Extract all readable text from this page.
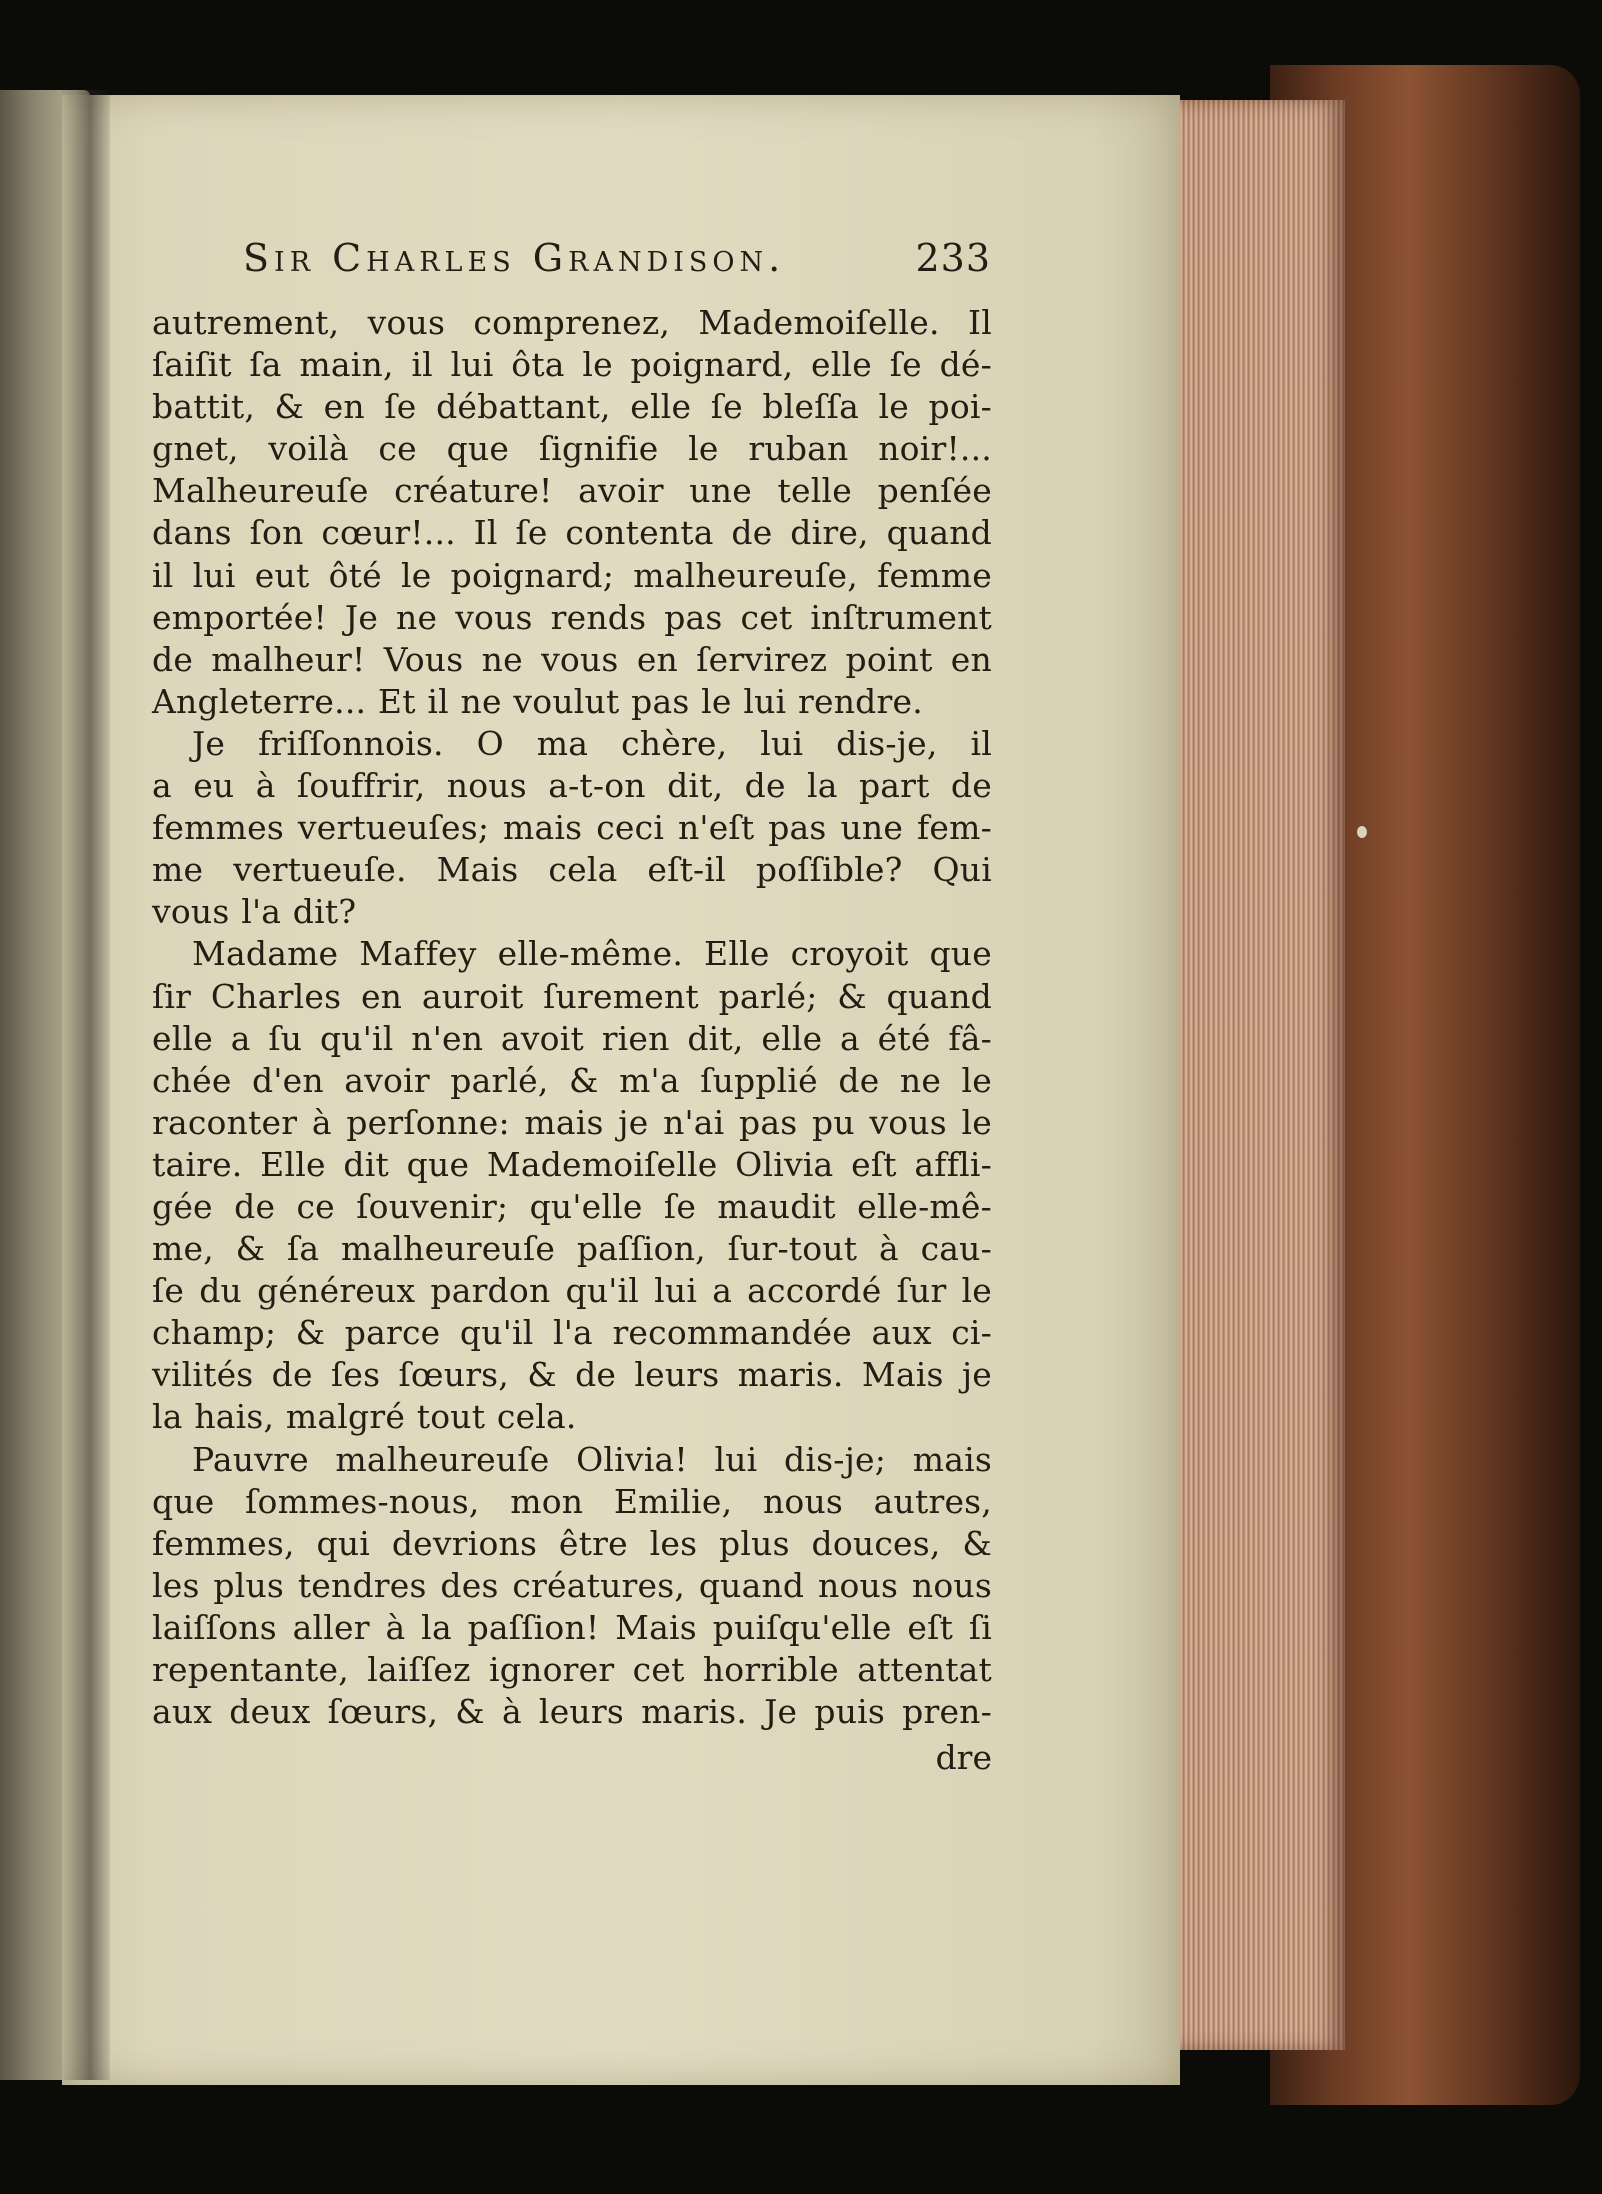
Sir Charles Grandison.	233
autrement, vous comprenez, Mademoiſelle. Il
ſaiſit ſa main, il lui ôta le poignard, elle ſe dé-
battit, & en ſe débattant, elle ſe bleſſa le poi-
gnet, voilà ce que ſignifie le ruban noir!...
Malheureuſe créature! avoir une telle penſée
dans ſon cœur!... Il ſe contenta de dire, quand
il lui eut ôté le poignard; malheureuſe, femme
emportée! Je ne vous rends pas cet inſtrument
de malheur! Vous ne vous en ſervirez point en
Angleterre... Et il ne voulut pas le lui rendre.
Je friſſonnois. O ma chère, lui dis-je, il
a eu à ſouffrir, nous a-t-on dit, de la part de
femmes vertueuſes; mais ceci n'eſt pas une fem-
me vertueuſe. Mais cela eſt-il poſſible? Qui
vous l'a dit?
Madame Maffey elle-même. Elle croyoit que
ſir Charles en auroit ſurement parlé; & quand
elle a ſu qu'il n'en avoit rien dit, elle a été fâ-
chée d'en avoir parlé, & m'a ſupplié de ne le
raconter à perſonne: mais je n'ai pas pu vous le
taire. Elle dit que Mademoiſelle Olivia eſt affli-
gée de ce ſouvenir; qu'elle ſe maudit elle-mê-
me, & ſa malheureuſe paſſion, ſur-tout à cau-
ſe du généreux pardon qu'il lui a accordé ſur le
champ; & parce qu'il l'a recommandée aux ci-
vilités de ſes ſœurs, & de leurs maris. Mais je
la hais, malgré tout cela.
Pauvre malheureuſe Olivia! lui dis-je; mais
que ſommes-nous, mon Emilie, nous autres,
femmes, qui devrions être les plus douces, &
les plus tendres des créatures, quand nous nous
laiſſons aller à la paſſion! Mais puiſqu'elle eſt ſi
repentante, laiſſez ignorer cet horrible attentat
aux deux ſœurs, & à leurs maris. Je puis pren-
dre
